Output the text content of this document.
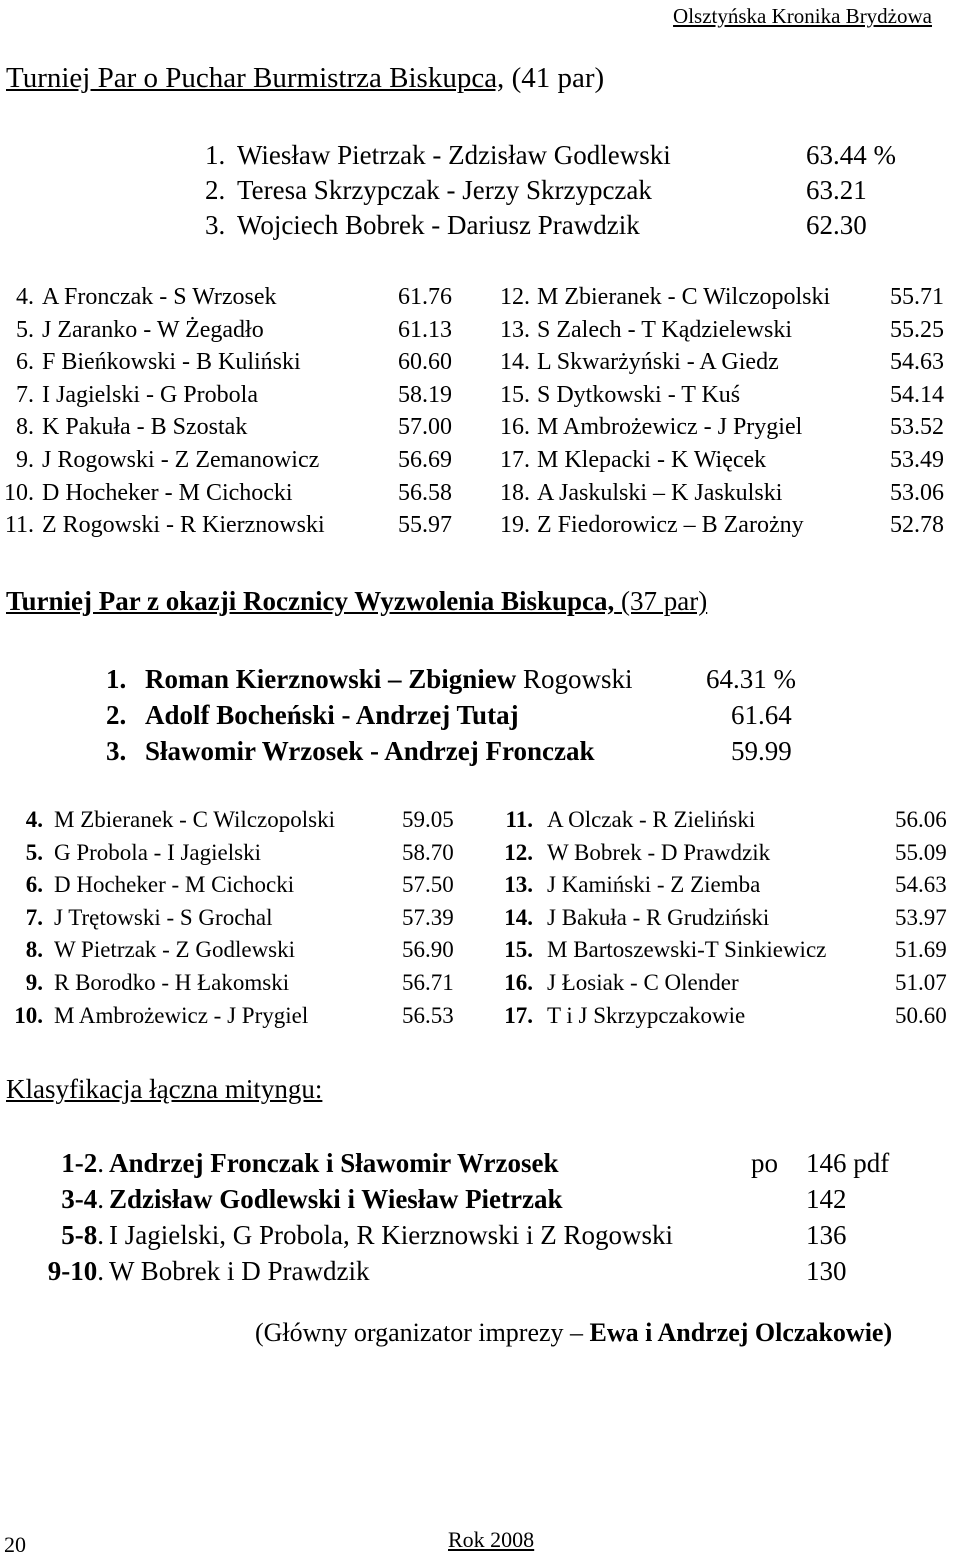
Olsztyńska Kronika Brydżowa
Turniej Par o Puchar Burmistrza Biskupca, (41 par)
1. Wiesław Pietrzak - Zdzisław Godlewski	63.44 %
2. Teresa Skrzypczak - Jerzy Skrzypczak	63.21
3. Wojciech Bobrek - Dariusz Prawdzik	62.30
4. A Fronczak - S Wrzosek	61.76
5. J Zaranko - W Żegadło	61.13
6. F Bieńkowski - B Kuliński	60.60
7. I Jagielski - G Probola	58.19
8. K Pakuła - B Szostak	57.00
9. J Rogowski - Z Zemanowicz	56.69
10. D Hocheker - M Cichocki	56.58
11. Z Rogowski - R Kierznowski	55.97
12. M Zbieranek - C Wilczopolski 55.71
13. S Zalech - T Kądzielewski	55.25
14. L Skwarżyński - A Giedz	54.63
15. S Dytkowski - T Kuś	54.14
16. M Ambrożewicz - J Prygiel	53.52
17. M Klepacki - K Więcek	53.49
18. A Jaskulski – K Jaskulski	53.06
19. Z Fiedorowicz – B Zarożny	52.78
Turniej Par z okazji Rocznicy Wyzwolenia Biskupca, (37 par)
1. Roman Kierznowski – Zbigniew Rogowski	64.31 %
2. Adolf Bocheński - Andrzej Tutaj	61.64
3. Sławomir Wrzosek - Andrzej Fronczak	59.99
4. M Zbieranek - C Wilczopolski	59.05
5. G Probola - I Jagielski	58.70
6. D Hocheker - M Cichocki	57.50
7. J Trętowski - S Grochal	57.39
8. W Pietrzak - Z Godlewski	56.90
9. R Borodko - H Łakomski	56.71
10. M Ambrożewicz - J Prygiel	56.53
11. A Olczak - R Zieliński	56.06
12. W Bobrek - D Prawdzik	55.09
13. J Kamiński - Z Ziemba	54.63
14. J Bakuła - R Grudziński	53.97
15. M Bartoszewski-T Sinkiewicz	51.69
16. J Łosiak - C Olender	51.07
17. T i J Skrzypczakowie	50.60
Klasyfikacja łączna mityngu:
1-2. Andrzej Fronczak i Sławomir Wrzosek	po 146 pdf
3-4. Zdzisław Godlewski i Wiesław Pietrzak	142
5-8. I Jagielski, G Probola, R Kierznowski i Z Rogowski	136
9-10. W Bobrek i D Prawdzik	130
(Główny organizator imprezy – Ewa i Andrzej Olczakowie)
20	Rok 2008
